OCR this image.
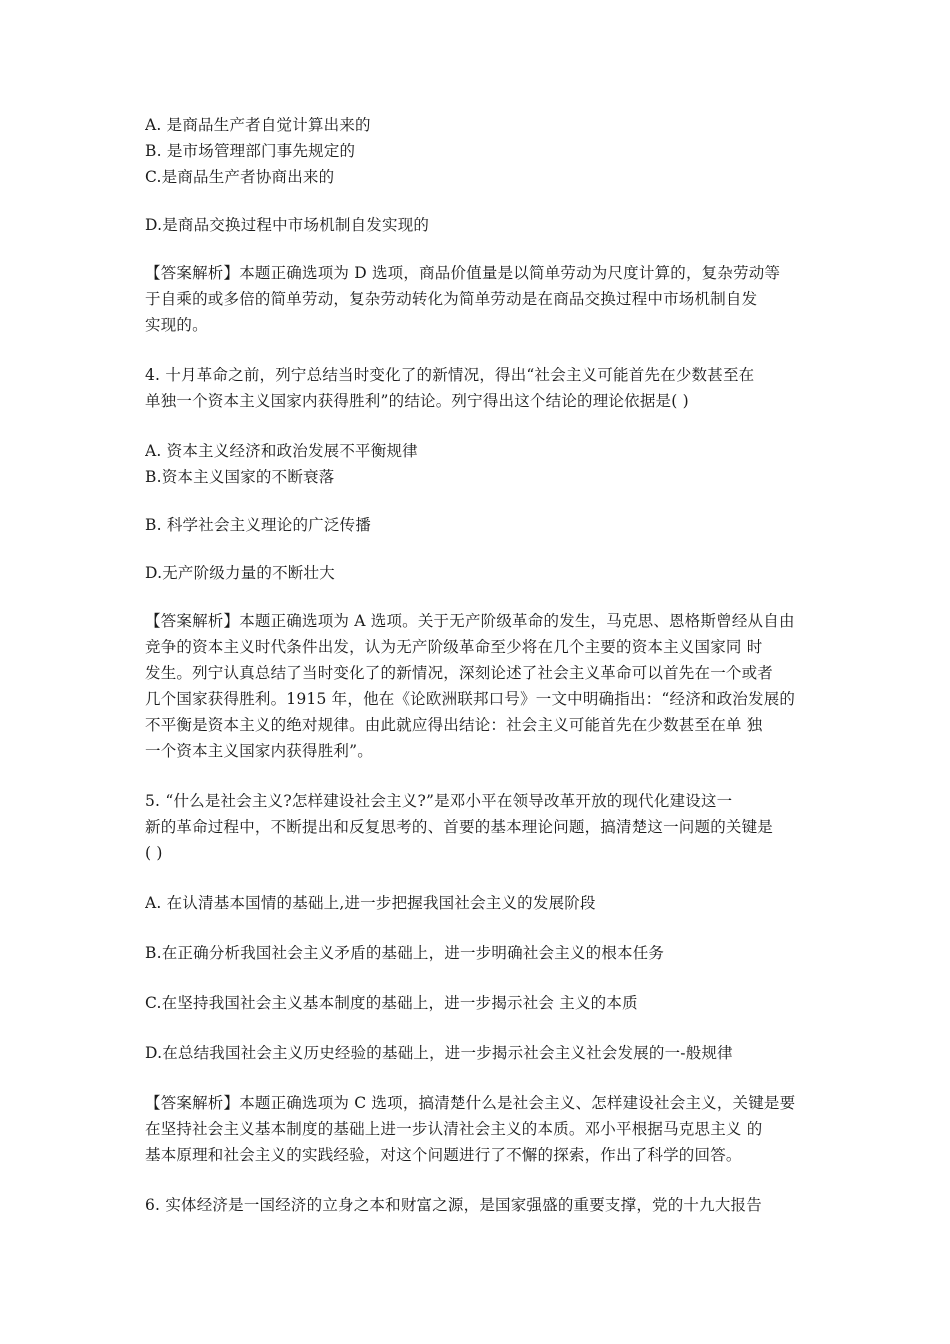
A. 是商品生产者自觉计算出来的
B. 是市场管理部门事先规定的
C.是商品生产者协商出来的
D.是商品交换过程中市场机制自发实现的
【答案解析】本题正确选项为 D 选项，商品价值量是以简单劳动为尺度计算的，复杂劳动等
于自乘的或多倍的简单劳动，复杂劳动转化为简单劳动是在商品交换过程中市场机制自发
实现的。
4. 十月革命之前，列宁总结当时变化了的新情况，得出“社会主义可能首先在少数甚至在
单独一个资本主义国家内获得胜利”的结论。列宁得出这个结论的理论依据是( )
A. 资本主义经济和政治发展不平衡规律
B.资本主义国家的不断衰落
B. 科学社会主义理论的广泛传播
D.无产阶级力量的不断壮大
【答案解析】本题正确选项为 A 选项。关于无产阶级革命的发生，马克思、恩格斯曾经从自由
竞争的资本主义时代条件出发，认为无产阶级革命至少将在几个主要的资本主义国家同 时
发生。列宁认真总结了当时变化了的新情况，深刻论述了社会主义革命可以首先在一个或者
几个国家获得胜利。1915 年，他在《论欧洲联邦口号》一文中明确指出：“经济和政治发展的
不平衡是资本主义的绝对规律。由此就应得出结论：社会主义可能首先在少数甚至在单 独
一个资本主义国家内获得胜利”。
5. “什么是社会主义?怎样建设社会主义?”是邓小平在领导改革开放的现代化建设这一
新的革命过程中，不断提出和反复思考的、首要的基本理论问题，搞清楚这一问题的关键是
( )
A. 在认清基本国情的基础上,进一步把握我国社会主义的发展阶段
B.在正确分析我国社会主义矛盾的基础上，进一步明确社会主义的根本任务
C.在坚持我国社会主义基本制度的基础上，进一步揭示社会 主义的本质
D.在总结我国社会主义历史经验的基础上，进一步揭示社会主义社会发展的一-般规律
【答案解析】本题正确选项为 C 选项，搞清楚什么是社会主义、怎样建设社会主义，关键是要
在坚持社会主义基本制度的基础上进一步认清社会主义的本质。邓小平根据马克思主义 的
基本原理和社会主义的实践经验，对这个问题进行了不懈的探索，作出了科学的回答。
6. 实体经济是一国经济的立身之本和财富之源，是国家强盛的重要支撑，党的十九大报告
